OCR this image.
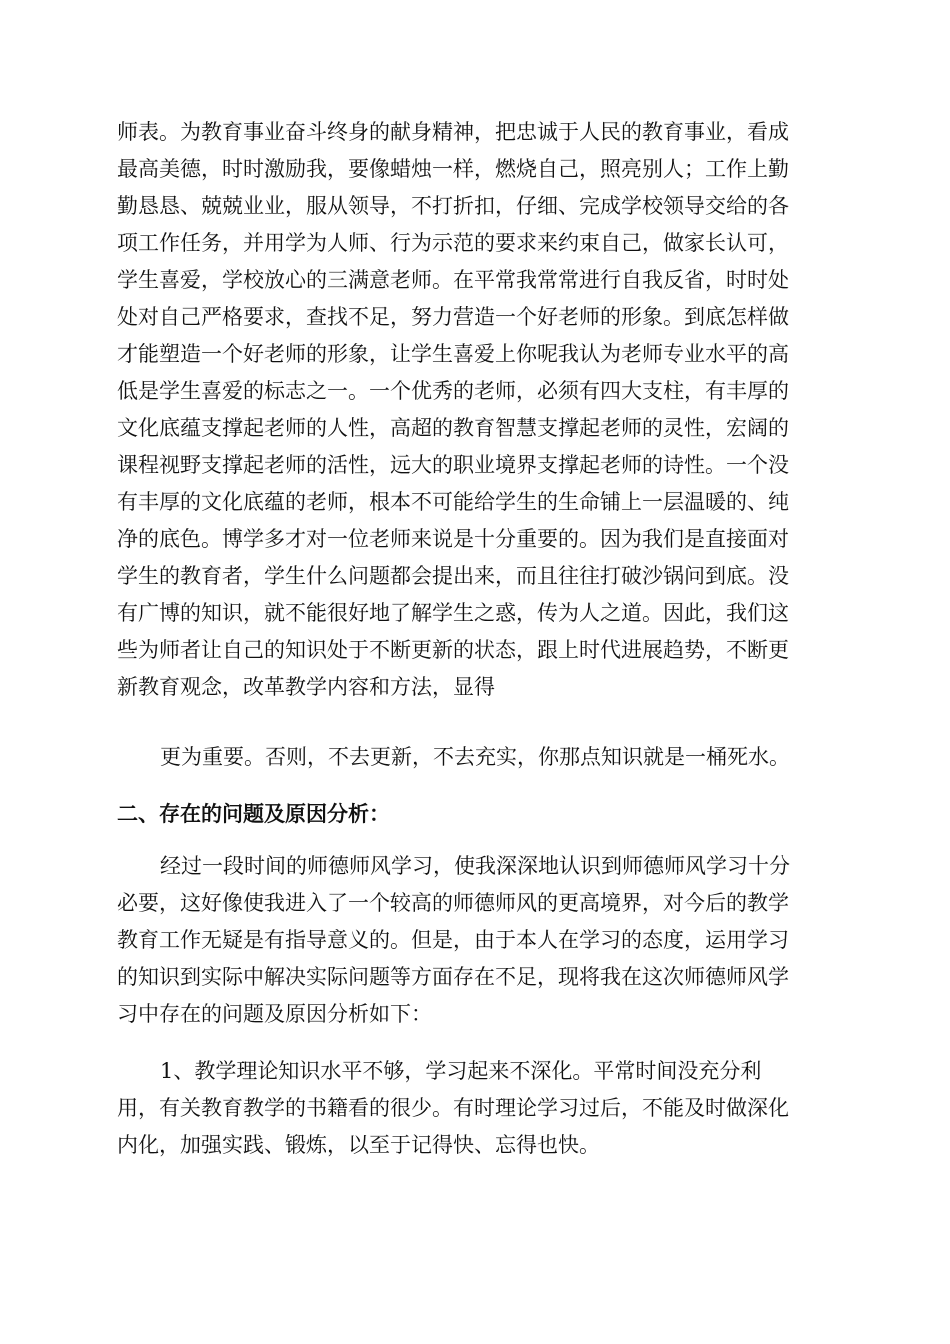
师表。为教育事业奋斗终身的献身精神，把忠诚于人民的教育事业，看成
最高美德，时时激励我，要像蜡烛一样，燃烧自己，照亮别人；工作上勤
勤恳恳、兢兢业业，服从领导，不打折扣，仔细、完成学校领导交给的各
项工作任务，并用学为人师、行为示范的要求来约束自己，做家长认可，
学生喜爱，学校放心的三满意老师。在平常我常常进行自我反省，时时处
处对自己严格要求，查找不足，努力营造一个好老师的形象。到底怎样做
才能塑造一个好老师的形象，让学生喜爱上你呢我认为老师专业水平的高
低是学生喜爱的标志之一。一个优秀的老师，必须有四大支柱，有丰厚的
文化底蕴支撑起老师的人性，高超的教育智慧支撑起老师的灵性，宏阔的
课程视野支撑起老师的活性，远大的职业境界支撑起老师的诗性。一个没
有丰厚的文化底蕴的老师，根本不可能给学生的生命铺上一层温暖的、纯
净的底色。博学多才对一位老师来说是十分重要的。因为我们是直接面对
学生的教育者，学生什么问题都会提出来，而且往往打破沙锅问到底。没
有广博的知识，就不能很好地了解学生之惑，传为人之道。因此，我们这
些为师者让自己的知识处于不断更新的状态，跟上时代进展趋势，不断更
新教育观念，改革教学内容和方法，显得
更为重要。否则，不去更新，不去充实，你那点知识就是一桶死水。
二、存在的问题及原因分析：
经过一段时间的师德师风学习，使我深深地认识到师德师风学习十分
必要，这好像使我进入了一个较高的师德师风的更高境界，对今后的教学
教育工作无疑是有指导意义的。但是，由于本人在学习的态度，运用学习
的知识到实际中解决实际问题等方面存在不足，现将我在这次师德师风学
习中存在的问题及原因分析如下：
1、教学理论知识水平不够，学习起来不深化。平常时间没充分利
用，有关教育教学的书籍看的很少。有时理论学习过后，不能及时做深化
内化，加强实践、锻炼，以至于记得快、忘得也快。
